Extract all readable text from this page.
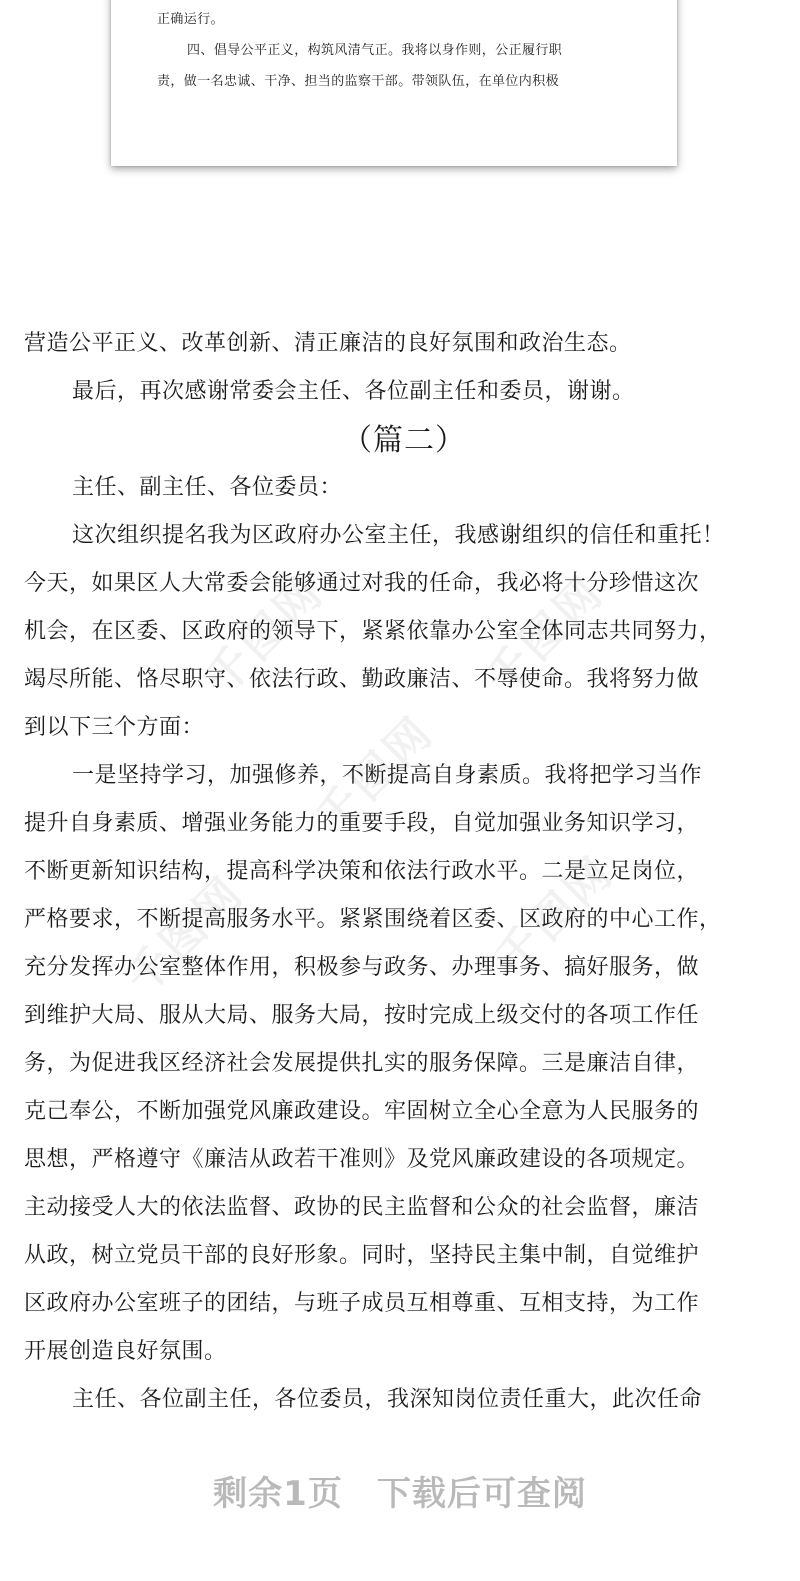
正确运行。

四、倡导公平正义，构筑风清气正。我将以身作则，公正履行职

责，做一名忠诚、干净、担当的监察干部。带领队伍，在单位内积极

千图网	千图网
千图网
千图网	千图网

营造公平正义、改革创新、清正廉洁的良好氛围和政治生态。

最后，再次感谢常委会主任、各位副主任和委员，谢谢。

（篇二）

主任、副主任、各位委员：

这次组织提名我为区政府办公室主任，我感谢组织的信任和重托！

今天，如果区人大常委会能够通过对我的任命，我必将十分珍惜这次

机会，在区委、区政府的领导下，紧紧依靠办公室全体同志共同努力，

竭尽所能、恪尽职守、依法行政、勤政廉洁、不辱使命。我将努力做

到以下三个方面：

一是坚持学习，加强修养，不断提高自身素质。我将把学习当作

提升自身素质、增强业务能力的重要手段，自觉加强业务知识学习，

不断更新知识结构，提高科学决策和依法行政水平。二是立足岗位，

严格要求，不断提高服务水平。紧紧围绕着区委、区政府的中心工作，

充分发挥办公室整体作用，积极参与政务、办理事务、搞好服务，做

到维护大局、服从大局、服务大局，按时完成上级交付的各项工作任

务，为促进我区经济社会发展提供扎实的服务保障。三是廉洁自律，

克己奉公，不断加强党风廉政建设。牢固树立全心全意为人民服务的

思想，严格遵守《廉洁从政若干准则》及党风廉政建设的各项规定。

主动接受人大的依法监督、政协的民主监督和公众的社会监督，廉洁

从政，树立党员干部的良好形象。同时，坚持民主集中制，自觉维护

区政府办公室班子的团结，与班子成员互相尊重、互相支持，为工作

开展创造良好氛围。

主任、各位副主任，各位委员，我深知岗位责任重大，此次任命

剩余1页 下载后可查阅
